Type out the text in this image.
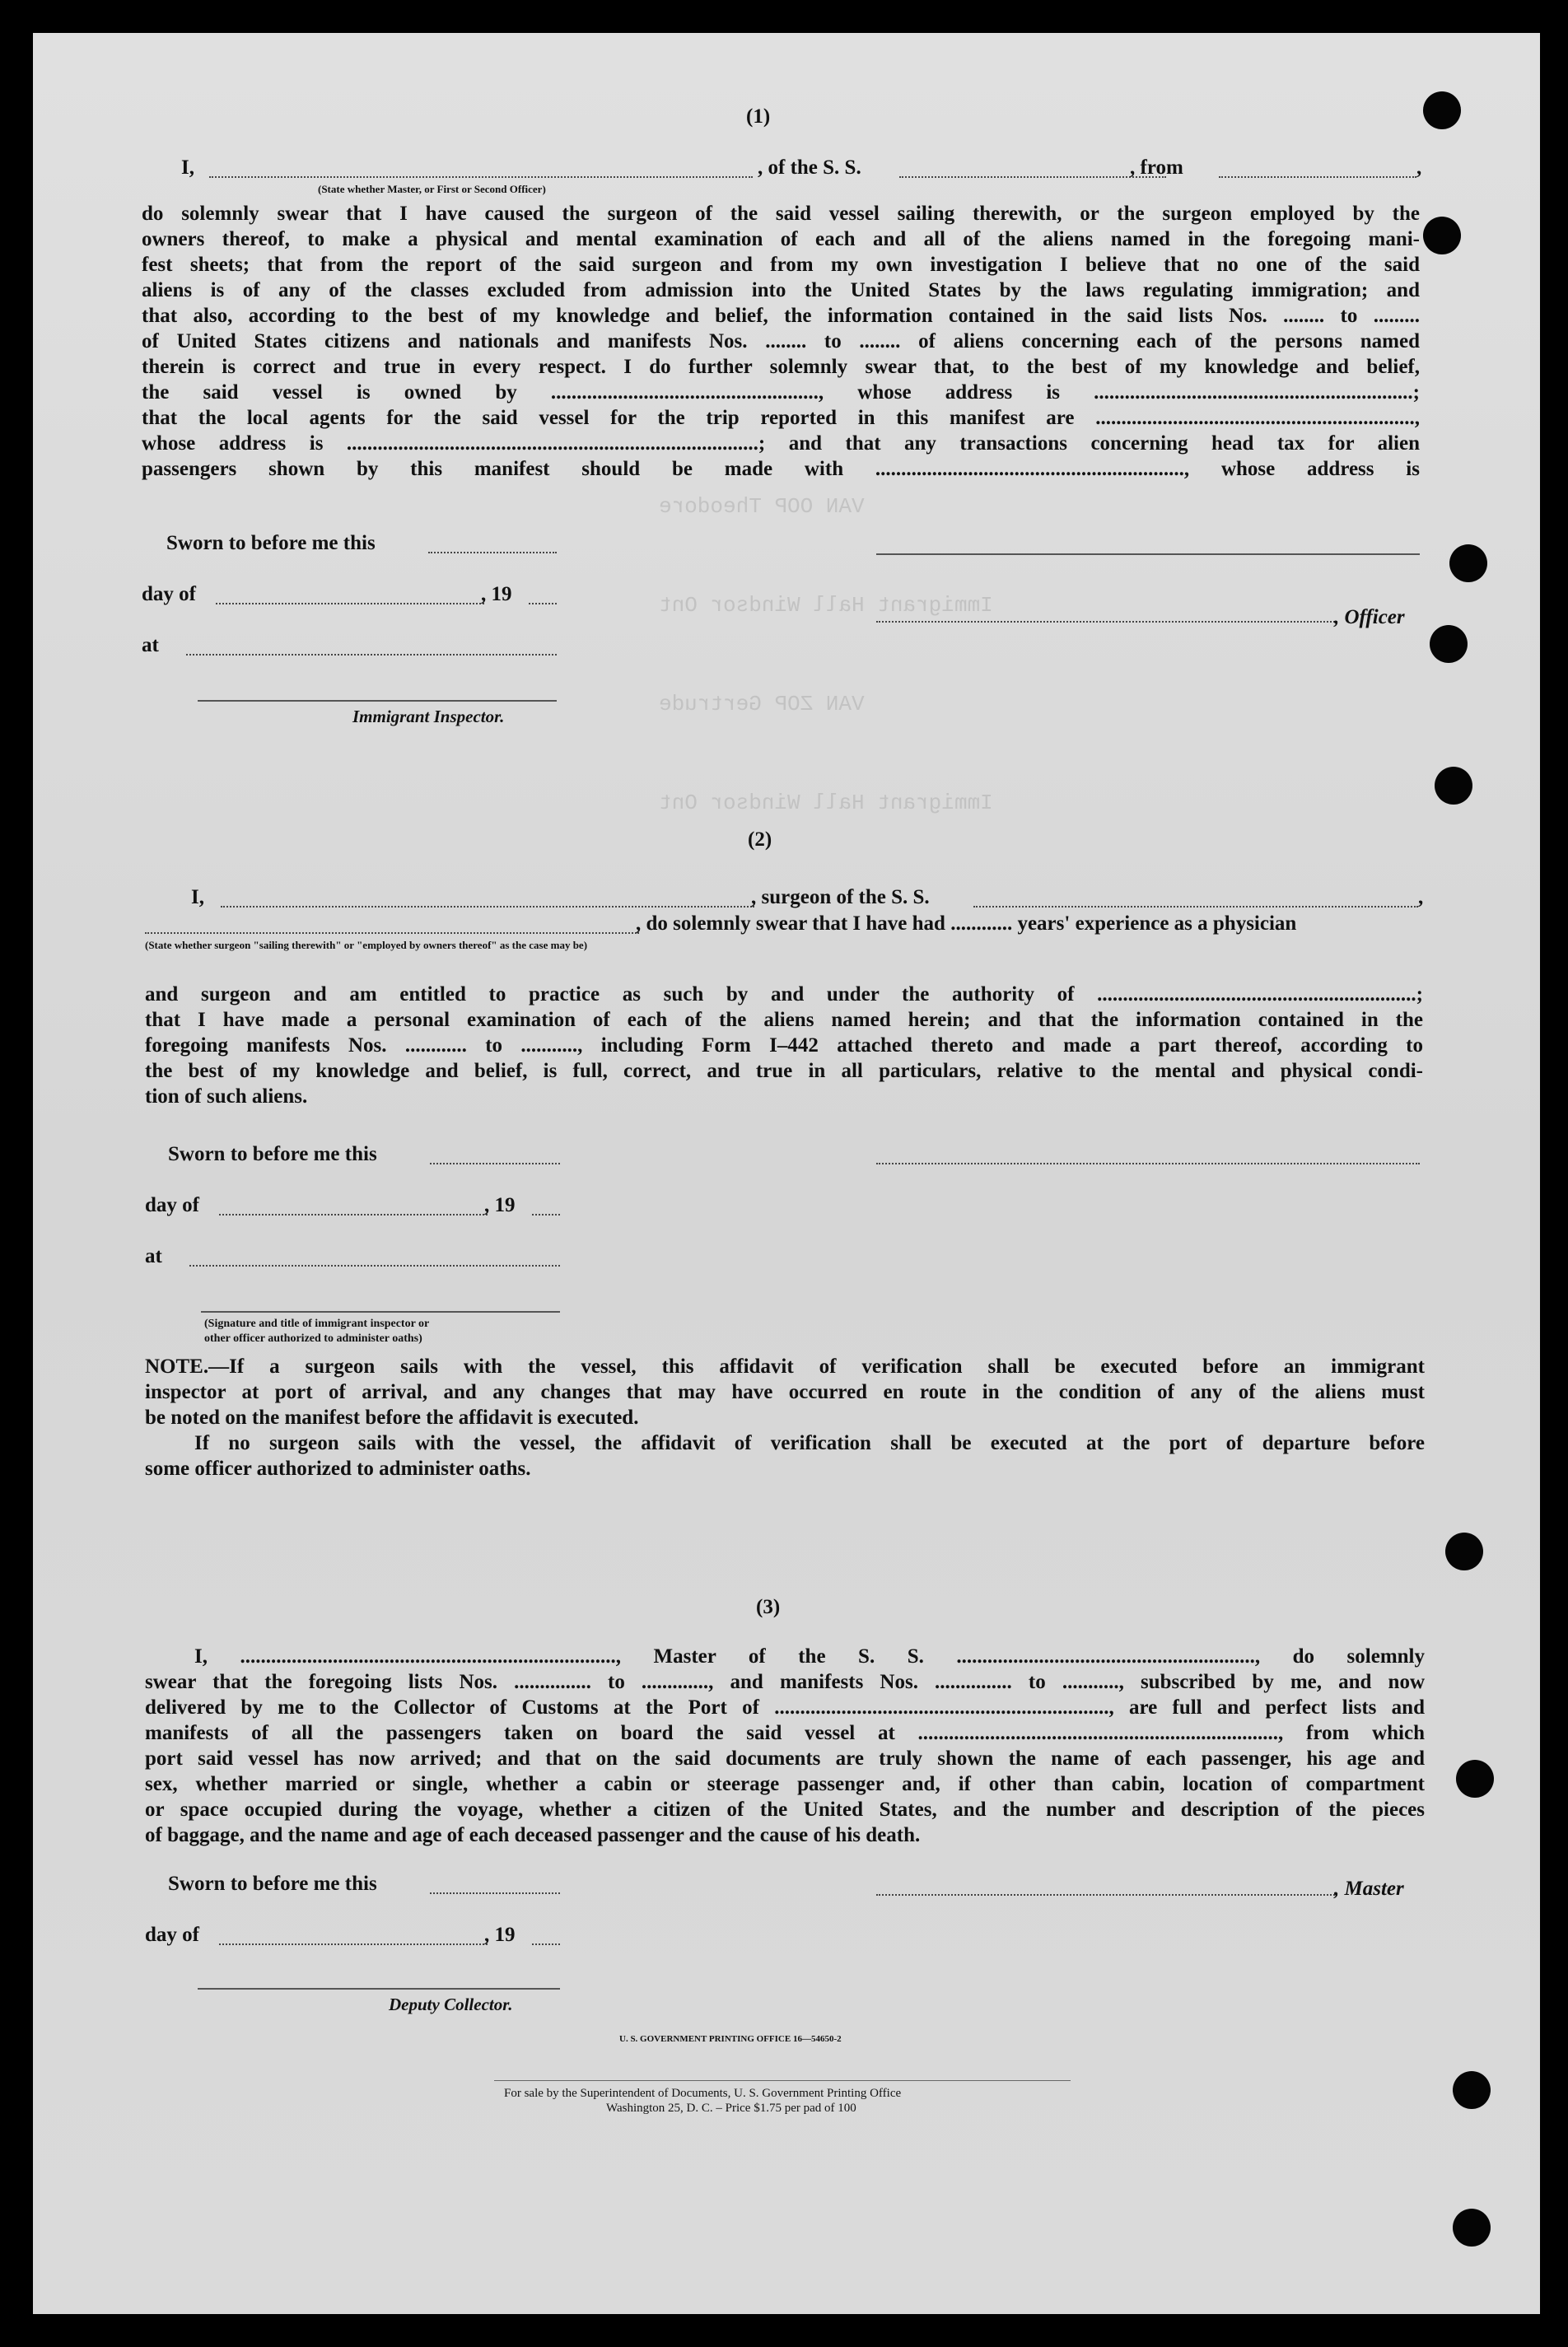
VAN OOP Theodore
Immigrant Hall Windsor Ont
VAN ZOP Gertrude
Immigrant Hall Windsor Ont
(1)
I,	, of the S. S.	, from	,
(State whether Master, or First or Second Officer)
do solemnly swear that I have caused the surgeon of the said vessel sailing therewith, or the surgeon employed by the
owners thereof, to make a physical and mental examination of each and all of the aliens named in the foregoing mani-
fest sheets; that from the report of the said surgeon and from my own investigation I believe that no one of the said
aliens is of any of the classes excluded from admission into the United States by the laws regulating immigration; and
that also, according to the best of my knowledge and belief, the information contained in the said lists Nos. ........ to .........
of United States citizens and nationals and manifests Nos. ........ to ........ of aliens concerning each of the persons named
therein is correct and true in every respect. I do further solemnly swear that, to the best of my knowledge and belief,
the said vessel is owned by ...................................................., whose address is ..............................................................;
that the local agents for the said vessel for the trip reported in this manifest are ..............................................................,
whose address is ................................................................................; and that any transactions concerning head tax for alien
passengers shown by this manifest should be made with ............................................................, whose address is
Sworn to before me this
day of	, 19
, Officer
at
Immigrant Inspector.
(2)
I,	, surgeon of the S. S.	,
, do solemnly swear that I have had ............ years' experience as a physician
(State whether surgeon "sailing therewith" or "employed by owners thereof" as the case may be)
and surgeon and am entitled to practice as such by and under the authority of ..............................................................;
that I have made a personal examination of each of the aliens named herein; and that the information contained in the
foregoing manifests Nos. ............ to ..........., including Form I–442 attached thereto and made a part thereof, according to
the best of my knowledge and belief, is full, correct, and true in all particulars, relative to the mental and physical condi-
tion of such aliens.
Sworn to before me this
day of	, 19
at
(Signature and title of immigrant inspector or
other officer authorized to administer oaths)
NOTE.—If a surgeon sails with the vessel, this affidavit of verification shall be executed before an immigrant
inspector at port of arrival, and any changes that may have occurred en route in the condition of any of the aliens must
be noted on the manifest before the affidavit is executed.
If no surgeon sails with the vessel, the affidavit of verification shall be executed at the port of departure before
some officer authorized to administer oaths.
(3)
I, ........................................................................., Master of the S. S. .........................................................., do solemnly
swear that the foregoing lists Nos. ............... to ............., and manifests Nos. ............... to ..........., subscribed by me, and now
delivered by me to the Collector of Customs at the Port of ................................................................., are full and perfect lists and
manifests of all the passengers taken on board the said vessel at ......................................................................, from which
port said vessel has now arrived; and that on the said documents are truly shown the name of each passenger, his age and
sex, whether married or single, whether a cabin or steerage passenger and, if other than cabin, location of compartment
or space occupied during the voyage, whether a citizen of the United States, and the number and description of the pieces
of baggage, and the name and age of each deceased passenger and the cause of his death.
Sworn to before me this	, Master
day of	, 19
Deputy Collector.
U. S. GOVERNMENT PRINTING OFFICE 16—54650-2
For sale by the Superintendent of Documents, U. S. Government Printing Office
Washington 25, D. C. – Price $1.75 per pad of 100
